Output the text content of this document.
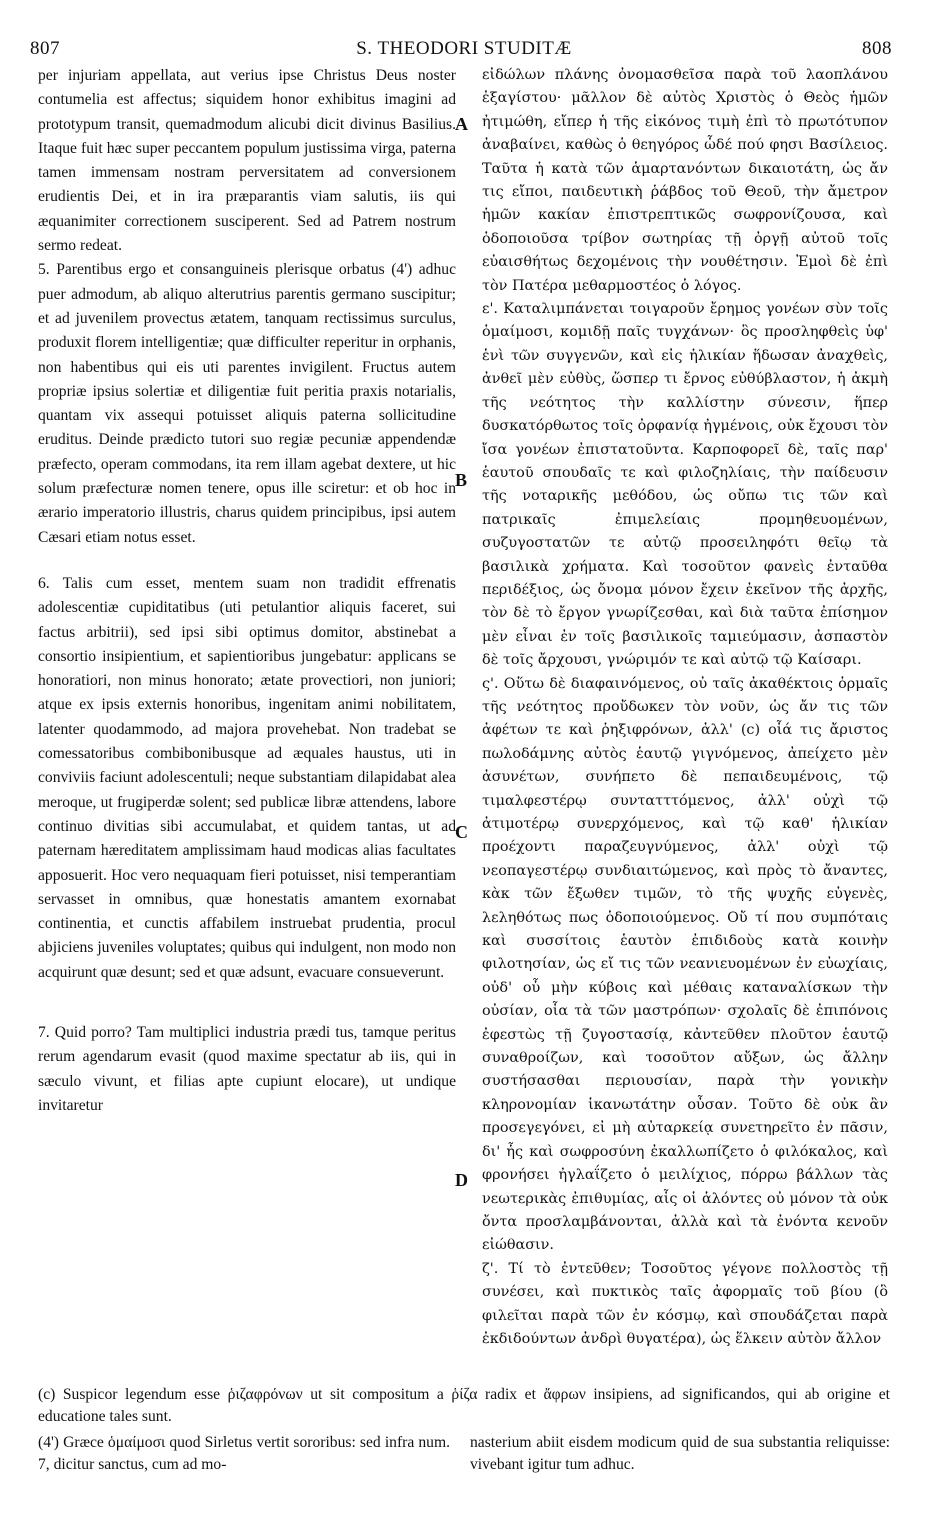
807	S. THEODORI STUDITÆ	808

per injuriam appellata, aut verius ipse Christus Deus noster contumelia est affectus; siquidem honor exhibitus imagini ad prototypum transit, quemadmodum alicubi dicit divinus Basilius. Itaque fuit hæc super peccantem populum justissima virga, paterna tamen immensam nostram perversitatem ad conversionem erudientis Dei, et in ira præparantis viam salutis, iis qui æquanimiter correctionem susciperent. Sed ad Patrem nostrum sermo redeat.

5. Parentibus ergo et consanguineis plerisque orbatus (4') adhuc puer admodum, ab aliquo alterutrius parentis germano suscipitur; et ad juvenilem provectus ætatem, tanquam rectissimus surculus, produxit florem intelligentiæ; quæ difficulter reperitur in orphanis, non habentibus qui eis uti parentes invigilent. Fructus autem propriæ ipsius solertiæ et diligentiæ fuit peritia praxis notarialis, quantam vix assequi potuisset aliquis paterna sollicitudine eruditus. Deinde prædicto tutori suo regiæ pecuniæ appendendæ præfecto, operam commodans, ita rem illam agebat dextere, ut hic solum præfecturæ nomen tenere, opus ille sciretur: et ob hoc in ærario imperatorio illustris, charus quidem principibus, ipsi autem Cæsari etiam notus esset.

6. Talis cum esset, mentem suam non tradidit effrenatis adolescentiæ cupiditatibus (uti petulantior aliquis faceret, sui factus arbitrii), sed ipsi sibi optimus domitor, abstinebat a consortio insipientium, et sapientioribus jungebatur: applicans se honoratiori, non minus honorato; ætate provectiori, non juniori; atque ex ipsis externis honoribus, ingenitam animi nobilitatem, latenter quodammodo, ad majora provehebat. Non tradebat se comessatoribus combibonibusque ad æquales haustus, uti in conviviis faciunt adolescentuli; neque substantiam dilapidabat alea meroque, ut frugiperdæ solent; sed publicæ libræ attendens, labore continuo divitias sibi accumulabat, et quidem tantas, ut ad paternam hæreditatem amplissimam haud modicas alias facultates apposuerit. Hoc vero nequaquam fieri potuisset, nisi temperantiam servasset in omnibus, quæ honestatis amantem exornabat continentia, et cunctis affabilem instruebat prudentia, procul abjiciens juveniles voluptates; quibus qui indulgent, non modo non acquirunt quæ desunt; sed et quæ adsunt, evacuare consueverunt.

7. Quid porro? Tam multiplici industria prædi tus, tamque peritus rerum agendarum evasit (quod maxime spectatur ab iis, qui in sæculo vivunt, et filias apte cupiunt elocare), ut undique invitaretur

A
B
C
D

εἰδώλων πλάνης ὀνομασθεῖσα παρὰ τοῦ λαοπλάνου ἐξαγίστου· μᾶλλον δὲ αὐτὸς Χριστὸς ὁ Θεὸς ἡμῶν ἠτιμώθη, εἴπερ ἡ τῆς εἰκόνος τιμὴ ἐπὶ τὸ πρωτότυπον ἀναβαίνει, καθὼς ὁ θεηγόρος ὧδέ πού φησι Βασίλειος. Ταῦτα ἡ κατὰ τῶν ἁμαρτανόντων δικαιοτάτη, ὡς ἄν τις εἴποι, παιδευτικὴ ῥάβδος τοῦ Θεοῦ, τὴν ἄμετρον ἡμῶν κακίαν ἐπιστρεπτικῶς σωφρονίζουσα, καὶ ὁδοποιοῦσα τρίβον σωτηρίας τῇ ὀργῇ αὐτοῦ τοῖς εὐαισθήτως δεχομένοις τὴν νουθέτησιν. Ἐμοὶ δὲ ἐπὶ τὸν Πατέρα μεθαρμοστέος ὁ λόγος.

ε'. Καταλιμπάνεται τοιγαροῦν ἔρημος γονέων σὺν τοῖς ὁμαίμοσι, κομιδῇ παῖς τυγχάνων· ὃς προσληφθεὶς ὑφ' ἑνὶ τῶν συγγενῶν, καὶ εἰς ἡλικίαν ἥδωσαν ἀναχθεὶς, ἀνθεῖ μὲν εὐθὺς, ὥσπερ τι ἔρνος εὐθύβλαστον, ἡ ἀκμὴ τῆς νεότητος τὴν καλλίστην σύνεσιν, ἥπερ δυσκατόρθωτος τοῖς ὀρφανίᾳ ἠγμένοις, οὐκ ἔχουσι τὸν ἴσα γονέων ἐπιστατοῦντα. Καρποφορεῖ δὲ, ταῖς παρ' ἑαυτοῦ σπουδαῖς τε καὶ φιλοζηλίαις, τὴν παίδευσιν τῆς νοταρικῆς μεθόδου, ὡς οὔπω τις τῶν καὶ πατρικαῖς ἐπιμελείαις προμηθευομένων, συζυγοστατῶν τε αὐτῷ προσειληφότι θεῖῳ τὰ βασιλικὰ χρήματα. Καὶ τοσοῦτον φανεὶς ἐνταῦθα περιδέξιος, ὡς ὄνομα μόνον ἔχειν ἐκεῖνον τῆς ἀρχῆς, τὸν δὲ τὸ ἔργον γνωρίζεσθαι, καὶ διὰ ταῦτα ἐπίσημον μὲν εἶναι ἐν τοῖς βασιλικοῖς ταμιεύμασιν, ἀσπαστὸν δὲ τοῖς ἄρχουσι, γνώριμόν τε καὶ αὐτῷ τῷ Καίσαρι.

ς'. Οὕτω δὲ διαφαινόμενος, οὐ ταῖς ἀκαθέκτοις ὁρμαῖς τῆς νεότητος προὔδωκεν τὸν νοῦν, ὡς ἄν τις τῶν ἀφέτων τε καὶ ῥηξιφρόνων, ἀλλ' (c) οἷά τις ἄριστος πωλοδάμνης αὐτὸς ἑαυτῷ γιγνόμενος, ἀπείχετο μὲν ἀσυνέτων, συνήπετο δὲ πεπαιδευμένοις, τῷ τιμαλφεστέρῳ συντατττόμενος, ἀλλ' οὐχὶ τῷ ἀτιμοτέρῳ συνερχόμενος, καὶ τῷ καθ' ἡλικίαν προέχοντι παραζευγνύμενος, ἀλλ' οὐχὶ τῷ νεοπαγεστέρῳ συνδιαιτώμενος, καὶ πρὸς τὸ ἄναντες, κὰκ τῶν ἔξωθεν τιμῶν, τὸ τῆς ψυχῆς εὐγενὲς, λεληθότως πως ὁδοποιούμενος. Οὔ τί που συμπόταις καὶ συσσίτοις ἑαυτὸν ἐπιδιδοὺς κατὰ κοινὴν φιλοτησίαν, ὡς εἴ τις τῶν νεανιευομένων ἐν εὐωχίαις, οὐδ' οὗ μὴν κύβοις καὶ μέθαις καταναλίσκων τὴν οὐσίαν, οἷα τὰ τῶν μαστρόπων· σχολαῖς δὲ ἐπιπόνοις ἐφεστὼς τῇ ζυγοστασίᾳ, κἀντεῦθεν πλοῦτον ἑαυτῷ συναθροίζων, καὶ τοσοῦτον αὔξων, ὡς ἄλλην συστήσασθαι περιουσίαν, παρὰ τὴν γονικὴν κληρονομίαν ἱκανωτάτην οὖσαν. Τοῦτο δὲ οὐκ ἂν προσεγεγόνει, εἰ μὴ αὐταρκείᾳ συνετηρεῖτο ἐν πᾶσιν, δι' ἧς καὶ σωφροσύνη ἐκαλλωπίζετο ὁ φιλόκαλος, καὶ φρονήσει ἠγλαΐζετο ὁ μειλίχιος, πόρρω βάλλων τὰς νεωτερικὰς ἐπιθυμίας, αἷς οἱ ἁλόντες οὐ μόνον τὰ οὐκ ὄντα προσλαμβάνονται, ἀλλὰ καὶ τὰ ἐνόντα κενοῦν εἰώθασιν.

ζ'. Τί τὸ ἐντεῦθεν; Τοσοῦτος γέγονε πολλοστὸς τῇ συνέσει, καὶ πυκτικὸς ταῖς ἀφορμαῖς τοῦ βίου (ὃ φιλεῖται παρὰ τῶν ἐν κόσμῳ, καὶ σπουδάζεται παρὰ ἐκδιδούντων ἀνδρὶ θυγατέρα), ὡς ἕλκειν αὐτὸν ἄλλον

(c) Suspicor legendum esse ῥιζαφρόνων ut sit compositum a ῥίζα radix et ἄφρων insipiens, ad significandos, qui ab origine et educatione tales sunt.

(4') Græce ὁμαίμοσι quod Sirletus vertit sororibus: sed infra num. 7, dicitur sanctus, cum ad mo-
nasterium abiit eisdem modicum quid de sua substantia reliquisse: vivebant igitur tum adhuc.
